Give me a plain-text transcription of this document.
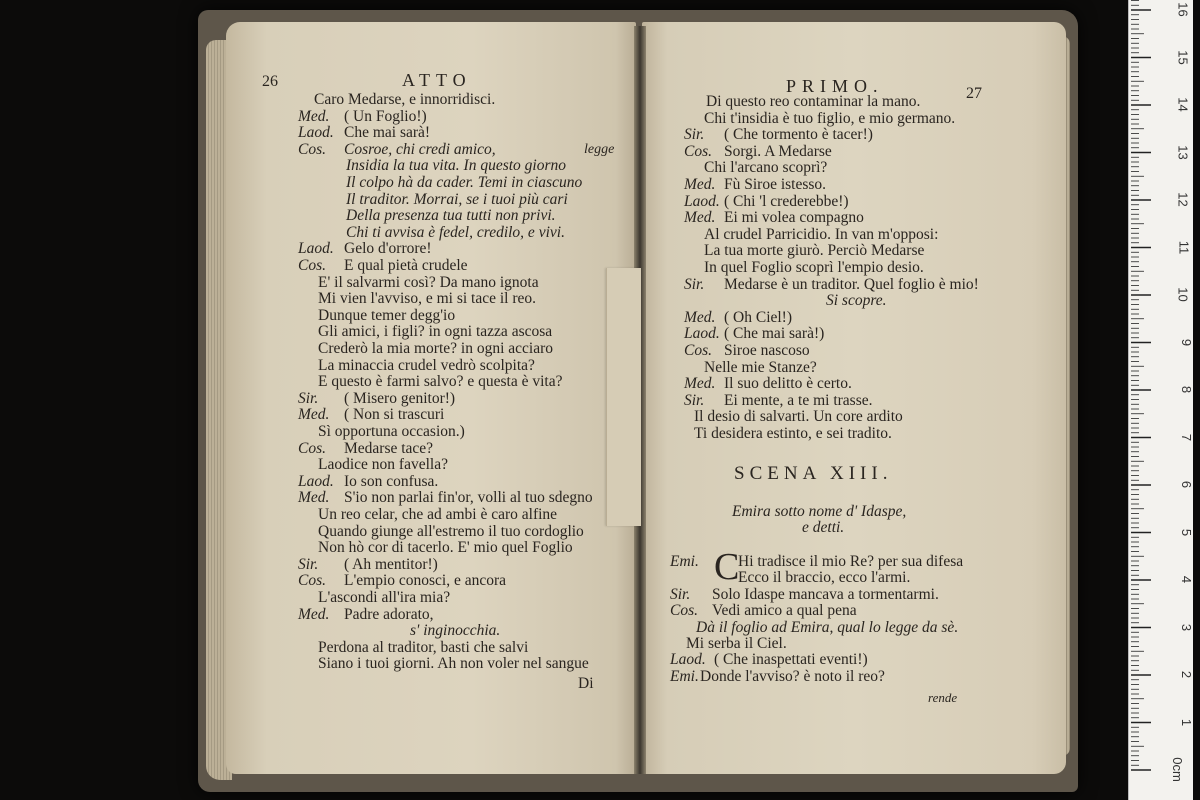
26	ATTO
Caro Medarse, e innorridisci.
Med. ( Un Foglio!)
Laod. Che mai sarà!
Cos. Cosroe, chi credi amico,	legge
Insidia la tua vita. In questo giorno
Il colpo hà da cader. Temi in ciascuno
Il traditor. Morrai, se i tuoi più cari
Della presenza tua tutti non privi.
Chi ti avvisa è fedel, credilo, e vivi.
Laod. Gelo d'orrore!
Cos. E qual pietà crudele
E' il salvarmi così? Da mano ignota
Mi vien l'avviso, e mi si tace il reo.
Dunque temer degg'io
Gli amici, i figli? in ogni tazza ascosa
Crederò la mia morte? in ogni acciaro
La minaccia crudel vedrò scolpita?
E questo è farmi salvo? e questa è vita?
Sir. ( Misero genitor!)
Med. ( Non si trascuri
Sì opportuna occasion.)
Cos. Medarse tace?
Laodice non favella?
Laod. Io son confusa.
Med. S'io non parlai fin'or, volli al tuo sdegno
Un reo celar, che ad ambi è caro alfine
Quando giunge all'estremo il tuo cordoglio
Non hò cor di tacerlo. E' mio quel Foglio
Sir. ( Ah mentitor!)
Cos. L'empio conosci, e ancora
L'ascondi all'ira mia?
Med. Padre adorato,
s' inginocchia.
Perdona al traditor, basti che salvi
Siano i tuoi giorni. Ah non voler nel sangue
Di
PRIMO.	27
Di questo reo contaminar la mano.
Chi t'insidia è tuo figlio, e mio germano.
Sir. ( Che tormento è tacer!)
Cos. Sorgi. A Medarse
Chi l'arcano scoprì?
Med. Fù Siroe istesso.
Laod. ( Chi 'l crederebbe!)
Med. Ei mi volea compagno
Al crudel Parricidio. In van m'opposi:
La tua morte giurò. Perciò Medarse
In quel Foglio scoprì l'empio desio.
Sir. Medarse è un traditor. Quel foglio è mio!
Si scopre.
Med. ( Oh Ciel!)
Laod. ( Che mai sarà!)
Cos. Siroe nascoso
Nelle mie Stanze?
Med. Il suo delitto è certo.
Sir. Ei mente, a te mi trasse.
Il desio di salvarti. Un core ardito
Ti desidera estinto, e sei tradito.
SCENA XIII.
Emira sotto nome d' Idaspe,
e detti.
C
Emi.	Hi tradisce il mio Re? per sua difesa
Ecco il braccio, ecco l'armi.
Sir. Solo Idaspe mancava a tormentarmi.
Cos. Vedi amico a qual pena
Dà il foglio ad Emira, qual lo legge da sè.
Mi serba il Ciel.
Laod. ( Che inaspettati eventi!)
Emi. Donde l'avviso? è noto il reo?
rende
0cm
1
2
3
4
5
6
7
8
9
10
11
12
13
14
15
16
